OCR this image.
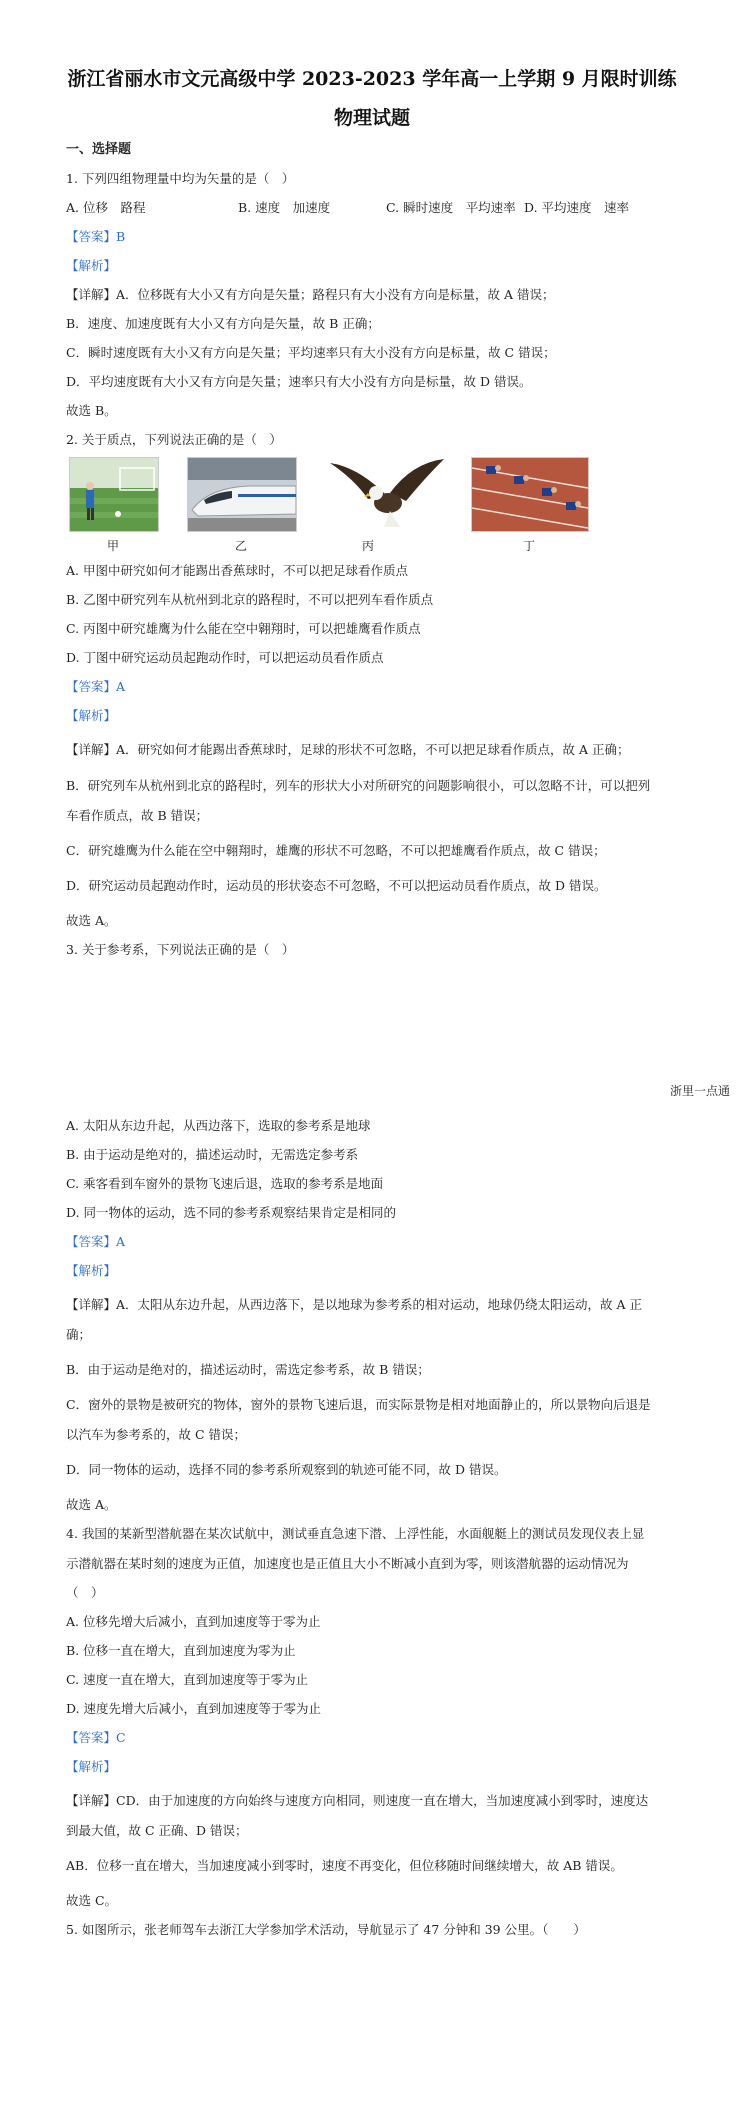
浙江省丽水市文元高级中学 2023-2023 学年高一上学期 9 月限时训练
物理试题
一、选择题
1. 下列四组物理量中均为矢量的是（　）
A. 位移　路程	B. 速度　加速度	C. 瞬时速度　平均速率 D. 平均速度　速率
【答案】B
【解析】
【详解】A．位移既有大小又有方向是矢量；路程只有大小没有方向是标量，故 A 错误；
B．速度、加速度既有大小又有方向是矢量，故 B 正确；
C．瞬时速度既有大小又有方向是矢量；平均速率只有大小没有方向是标量，故 C 错误；
D．平均速度既有大小又有方向是矢量；速率只有大小没有方向是标量，故 D 错误。
故选 B。
2. 关于质点，下列说法正确的是（　）
甲	乙	丙	丁
A. 甲图中研究如何才能踢出香蕉球时，不可以把足球看作质点
B. 乙图中研究列车从杭州到北京的路程时，不可以把列车看作质点
C. 丙图中研究雄鹰为什么能在空中翱翔时，可以把雄鹰看作质点
D. 丁图中研究运动员起跑动作时，可以把运动员看作质点
【答案】A
【解析】
【详解】A．研究如何才能踢出香蕉球时，足球的形状不可忽略，不可以把足球看作质点，故 A 正确；
B．研究列车从杭州到北京的路程时，列车的形状大小对所研究的问题影响很小，可以忽略不计，可以把列
车看作质点，故 B 错误；
C．研究雄鹰为什么能在空中翱翔时，雄鹰的形状不可忽略，不可以把雄鹰看作质点，故 C 错误；
D．研究运动员起跑动作时，运动员的形状姿态不可忽略，不可以把运动员看作质点，故 D 错误。
故选 A。
3. 关于参考系，下列说法正确的是（　）
浙里一点通
A. 太阳从东边升起，从西边落下，选取的参考系是地球
B. 由于运动是绝对的，描述运动时，无需选定参考系
C. 乘客看到车窗外的景物飞速后退，选取的参考系是地面
D. 同一物体的运动，选不同的参考系观察结果肯定是相同的
【答案】A
【解析】
【详解】A．太阳从东边升起，从西边落下，是以地球为参考系的相对运动，地球仍绕太阳运动，故 A 正
确；
B．由于运动是绝对的，描述运动时，需选定参考系，故 B 错误；
C．窗外的景物是被研究的物体，窗外的景物飞速后退，而实际景物是相对地面静止的，所以景物向后退是
以汽车为参考系的，故 C 错误；
D．同一物体的运动，选择不同的参考系所观察到的轨迹可能不同，故 D 错误。
故选 A。
4. 我国的某新型潜航器在某次试航中，测试垂直急速下潜、上浮性能，水面舰艇上的测试员发现仪表上显
示潜航器在某时刻的速度为正值，加速度也是正值且大小不断减小直到为零，则该潜航器的运动情况为
（　）
A. 位移先增大后减小，直到加速度等于零为止
B. 位移一直在增大，直到加速度为零为止
C. 速度一直在增大，直到加速度等于零为止
D. 速度先增大后减小，直到加速度等于零为止
【答案】C
【解析】
【详解】CD．由于加速度的方向始终与速度方向相同，则速度一直在增大，当加速度减小到零时，速度达
到最大值，故 C 正确、D 错误；
AB．位移一直在增大，当加速度减小到零时，速度不再变化，但位移随时间继续增大，故 AB 错误。
故选 C。
5. 如图所示，张老师驾车去浙江大学参加学术活动，导航显示了 47 分钟和 39 公里。（　　）
